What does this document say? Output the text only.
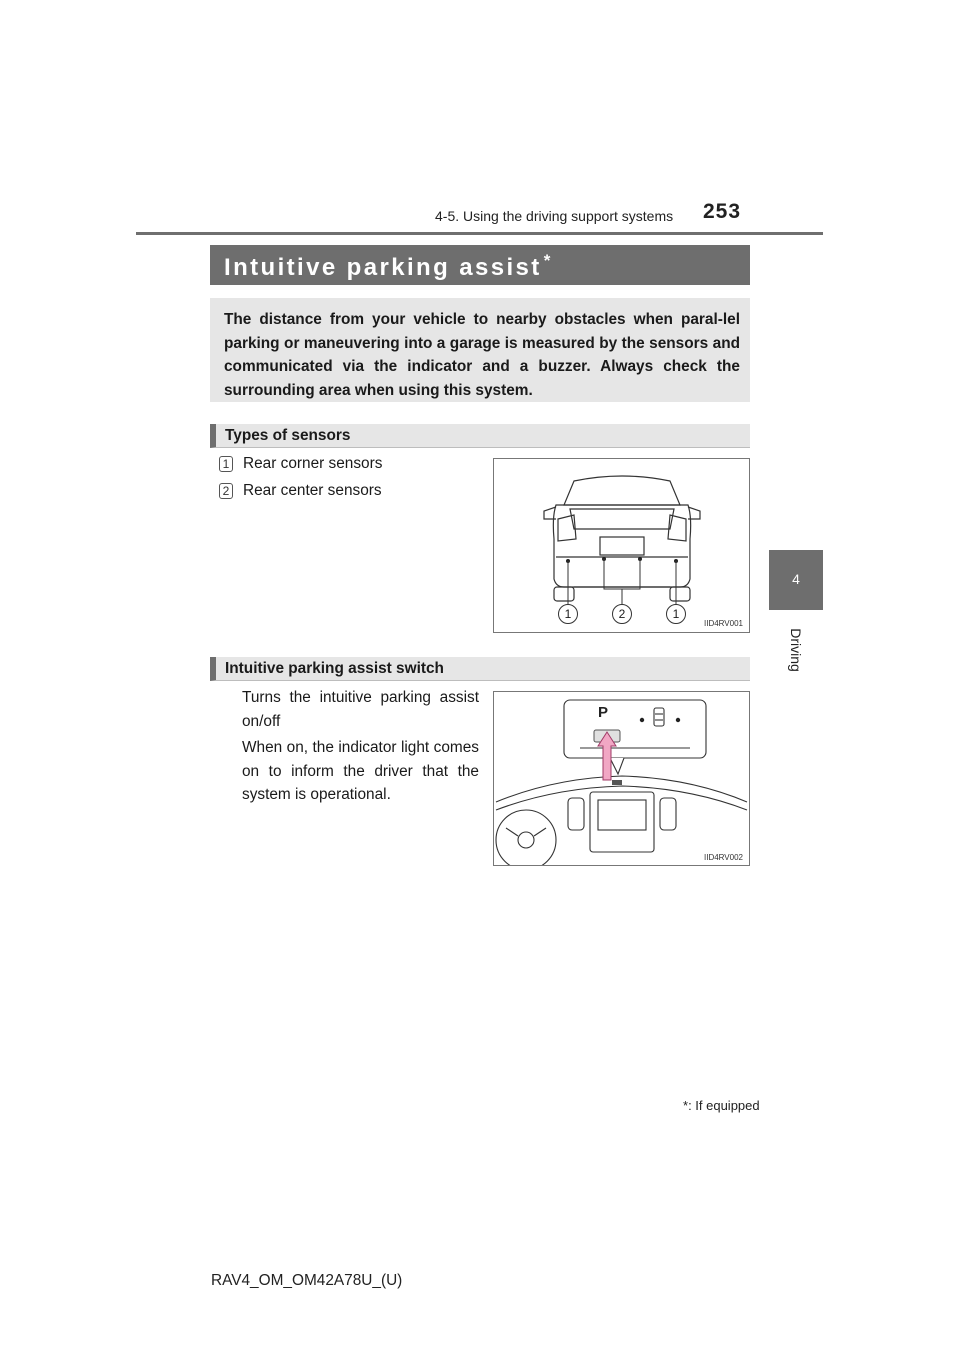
4-5. Using the driving support systems 253
4
Driving
Intuitive parking assist *
The distance from your vehicle to nearby obstacles when paral-lel parking or maneuvering into a garage is measured by the sensors and communicated via the indicator and a buzzer. Always check the surrounding area when using this system.
Types of sensors
1 Rear corner sensors
2 Rear center sensors
1	2	1
IID4RV001
Intuitive parking assist switch
Turns the intuitive parking assist on/off
When on, the indicator light comes on to inform the driver that the system is operational.
P
IID4RV002
*: If equipped
RAV4_OM_OM42A78U_(U)
